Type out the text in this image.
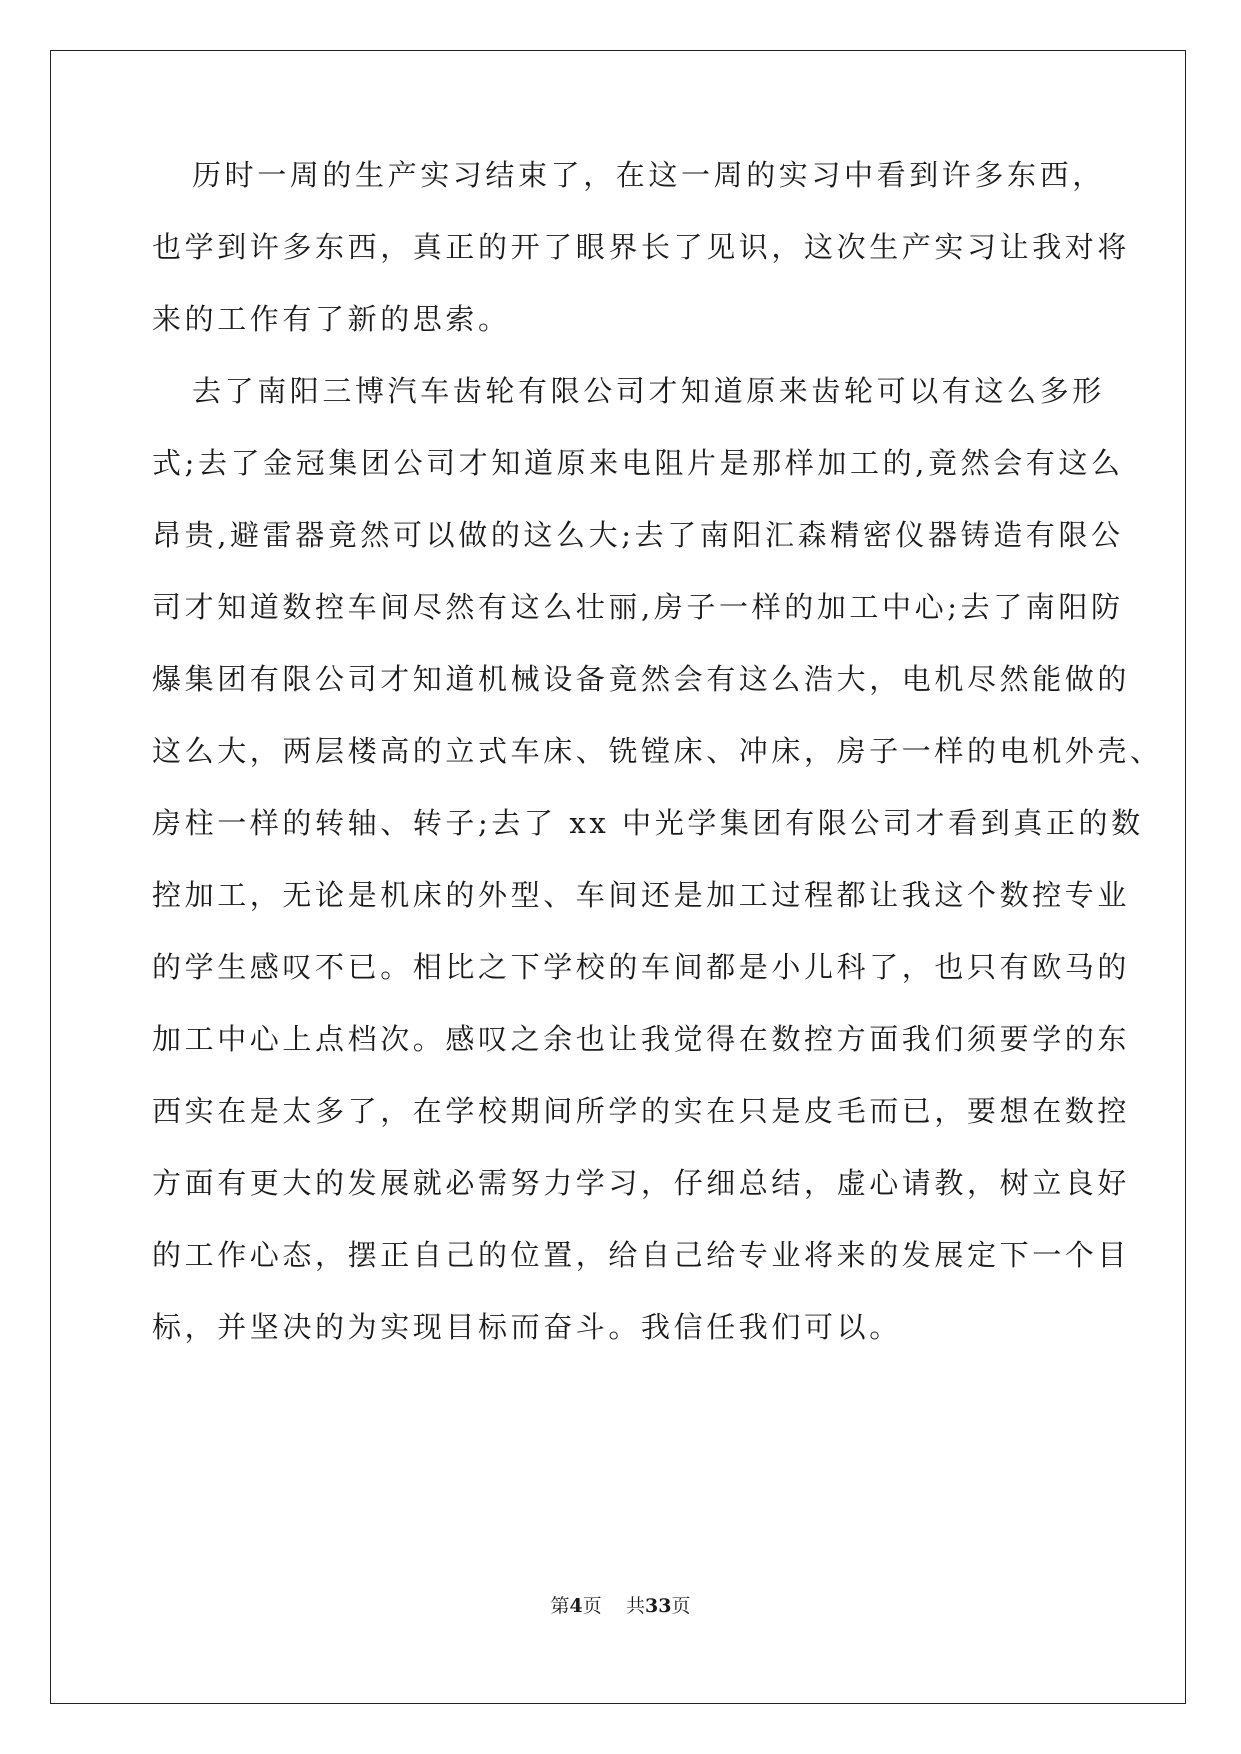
历时一周的生产实习结束了，在这一周的实习中看到许多东西，
也学到许多东西，真正的开了眼界长了见识，这次生产实习让我对将
来的工作有了新的思索。
去了南阳三博汽车齿轮有限公司才知道原来齿轮可以有这么多形
式;去了金冠集团公司才知道原来电阻片是那样加工的,竟然会有这么
昂贵,避雷器竟然可以做的这么大;去了南阳汇森精密仪器铸造有限公
司才知道数控车间尽然有这么壮丽,房子一样的加工中心;去了南阳防
爆集团有限公司才知道机械设备竟然会有这么浩大，电机尽然能做的
这么大，两层楼高的立式车床、铣镗床、冲床，房子一样的电机外壳、
房柱一样的转轴、转子;去了 xx 中光学集团有限公司才看到真正的数
控加工，无论是机床的外型、车间还是加工过程都让我这个数控专业
的学生感叹不已。相比之下学校的车间都是小儿科了，也只有欧马的
加工中心上点档次。感叹之余也让我觉得在数控方面我们须要学的东
西实在是太多了，在学校期间所学的实在只是皮毛而已，要想在数控
方面有更大的发展就必需努力学习，仔细总结，虚心请教，树立良好
的工作心态，摆正自己的位置，给自己给专业将来的发展定下一个目
标，并坚决的为实现目标而奋斗。我信任我们可以。
第4页 共33页
